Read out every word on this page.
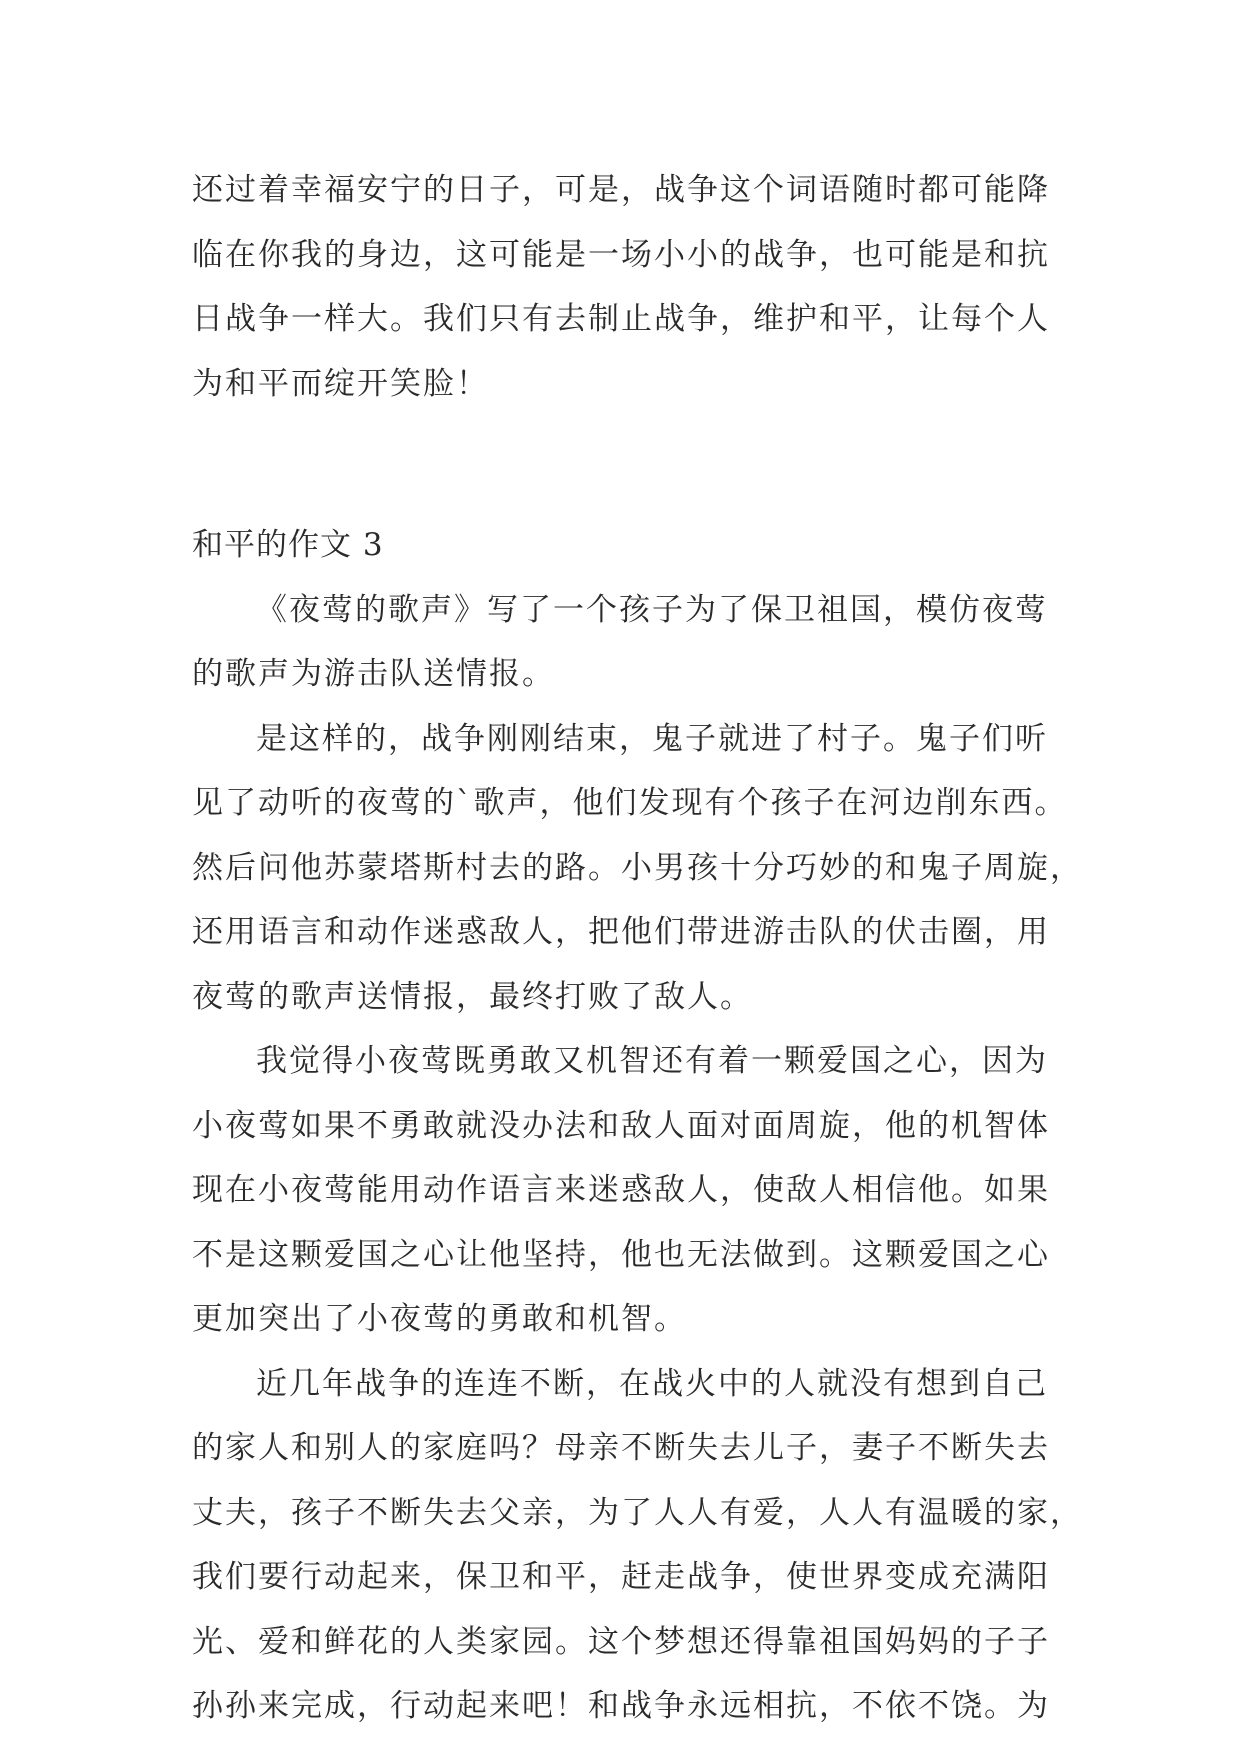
还过着幸福安宁的日子，可是，战争这个词语随时都可能降
临在你我的身边，这可能是一场小小的战争，也可能是和抗
日战争一样大。我们只有去制止战争，维护和平，让每个人
为和平而绽开笑脸！
和平的作文 3
《夜莺的歌声》写了一个孩子为了保卫祖国，模仿夜莺
的歌声为游击队送情报。
是这样的，战争刚刚结束，鬼子就进了村子。鬼子们听
见了动听的夜莺的`歌声，他们发现有个孩子在河边削东西。
然后问他苏蒙塔斯村去的路。小男孩十分巧妙的和鬼子周旋，
还用语言和动作迷惑敌人，把他们带进游击队的伏击圈，用
夜莺的歌声送情报，最终打败了敌人。
我觉得小夜莺既勇敢又机智还有着一颗爱国之心，因为
小夜莺如果不勇敢就没办法和敌人面对面周旋，他的机智体
现在小夜莺能用动作语言来迷惑敌人，使敌人相信他。如果
不是这颗爱国之心让他坚持，他也无法做到。这颗爱国之心
更加突出了小夜莺的勇敢和机智。
近几年战争的连连不断，在战火中的人就没有想到自己
的家人和别人的家庭吗？母亲不断失去儿子，妻子不断失去
丈夫，孩子不断失去父亲，为了人人有爱，人人有温暖的家，
我们要行动起来，保卫和平，赶走战争，使世界变成充满阳
光、爱和鲜花的人类家园。这个梦想还得靠祖国妈妈的子子
孙孙来完成，行动起来吧！和战争永远相抗，不依不饶。为
